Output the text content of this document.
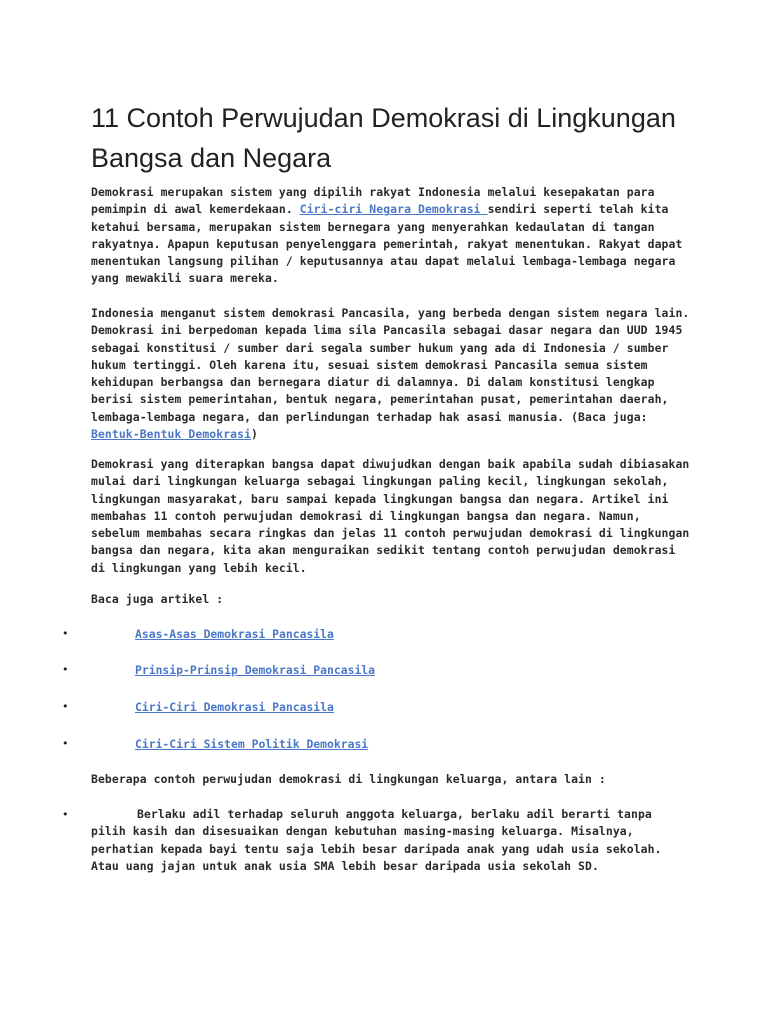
11 Contoh Perwujudan Demokrasi di Lingkungan Bangsa dan Negara
Demokrasi merupakan sistem yang dipilih rakyat Indonesia melalui kesepakatan para pemimpin di awal kemerdekaan. Ciri-ciri Negara Demokrasi sendiri seperti telah kita ketahui bersama, merupakan sistem bernegara yang menyerahkan kedaulatan di tangan rakyatnya. Apapun keputusan penyelenggara pemerintah, rakyat menentukan. Rakyat dapat menentukan langsung pilihan / keputusannya atau dapat melalui lembaga-lembaga negara yang mewakili suara mereka.
Indonesia menganut sistem demokrasi Pancasila, yang berbeda dengan sistem negara lain. Demokrasi ini berpedoman kepada lima sila Pancasila sebagai dasar negara dan UUD 1945 sebagai konstitusi / sumber dari segala sumber hukum yang ada di Indonesia / sumber hukum tertinggi. Oleh karena itu, sesuai sistem demokrasi Pancasila semua sistem kehidupan berbangsa dan bernegara diatur di dalamnya. Di dalam konstitusi lengkap berisi sistem pemerintahan, bentuk negara, pemerintahan pusat, pemerintahan daerah, lembaga-lembaga negara, dan perlindungan terhadap hak asasi manusia. (Baca juga: Bentuk-Bentuk Demokrasi)
Demokrasi yang diterapkan bangsa dapat diwujudkan dengan baik apabila sudah dibiasakan mulai dari lingkungan keluarga sebagai lingkungan paling kecil, lingkungan sekolah, lingkungan masyarakat, baru sampai kepada lingkungan bangsa dan negara. Artikel ini membahas 11 contoh perwujudan demokrasi di lingkungan bangsa dan negara. Namun, sebelum membahas secara ringkas dan jelas 11 contoh perwujudan demokrasi di lingkungan bangsa dan negara, kita akan menguraikan sedikit tentang contoh perwujudan demokrasi di lingkungan yang lebih kecil.
Baca juga artikel :
•	Asas-Asas Demokrasi Pancasila
•	Prinsip-Prinsip Demokrasi Pancasila
•	Ciri-Ciri Demokrasi Pancasila
•	Ciri-Ciri Sistem Politik Demokrasi
Beberapa contoh perwujudan demokrasi di lingkungan keluarga, antara lain :
•	Berlaku adil terhadap seluruh anggota keluarga, berlaku adil berarti tanpa pilih kasih dan disesuaikan dengan kebutuhan masing-masing keluarga. Misalnya, perhatian kepada bayi tentu saja lebih besar daripada anak yang udah usia sekolah. Atau uang jajan untuk anak usia SMA lebih besar daripada usia sekolah SD.
